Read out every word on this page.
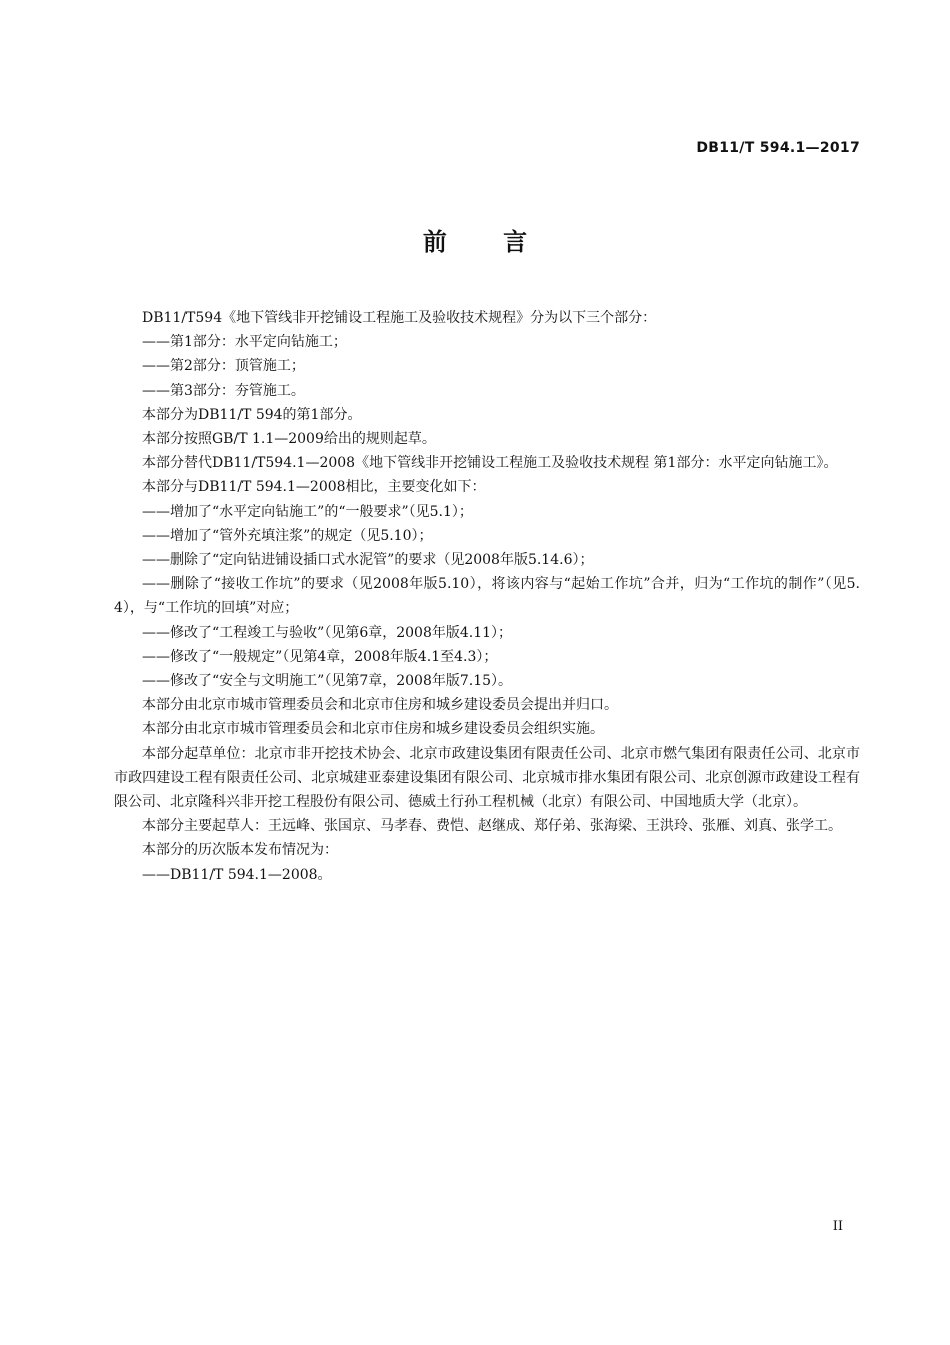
DB11/T 594.1—2017
前 言

DB11/T594《地下管线非开挖铺设工程施工及验收技术规程》分为以下三个部分：

——第1部分：水平定向钻施工；

——第2部分：顶管施工；

——第3部分：夯管施工。

本部分为DB11/T 594的第1部分。

本部分按照GB/T 1.1—2009给出的规则起草。

本部分替代DB11/T594.1—2008《地下管线非开挖铺设工程施工及验收技术规程 第1部分：水平定向钻施工》。

本部分与DB11/T 594.1—2008相比，主要变化如下：

——增加了“水平定向钻施工”的“一般要求”（见5.1）；

——增加了“管外充填注浆”的规定（见5.10）；

——删除了“定向钻进铺设插口式水泥管”的要求（见2008年版5.14.6）；

——删除了“接收工作坑”的要求（见2008年版5.10），将该内容与“起始工作坑”合并，归为“工作坑的制作”（见5.4），与“工作坑的回填”对应；

——修改了“工程竣工与验收”（见第6章，2008年版4.11）；

——修改了“一般规定”（见第4章，2008年版4.1至4.3）；

——修改了“安全与文明施工”（见第7章，2008年版7.15）。

本部分由北京市城市管理委员会和北京市住房和城乡建设委员会提出并归口。

本部分由北京市城市管理委员会和北京市住房和城乡建设委员会组织实施。

本部分起草单位：北京市非开挖技术协会、北京市政建设集团有限责任公司、北京市燃气集团有限责任公司、北京市市政四建设工程有限责任公司、北京城建亚泰建设集团有限公司、北京城市排水集团有限公司、北京创源市政建设工程有限公司、北京隆科兴非开挖工程股份有限公司、德威土行孙工程机械（北京）有限公司、中国地质大学（北京）。

本部分主要起草人：王远峰、张国京、马孝春、费恺、赵继成、郑仔弟、张海梁、王洪玲、张雁、刘真、张学工。

本部分的历次版本发布情况为：

——DB11/T 594.1—2008。

II
